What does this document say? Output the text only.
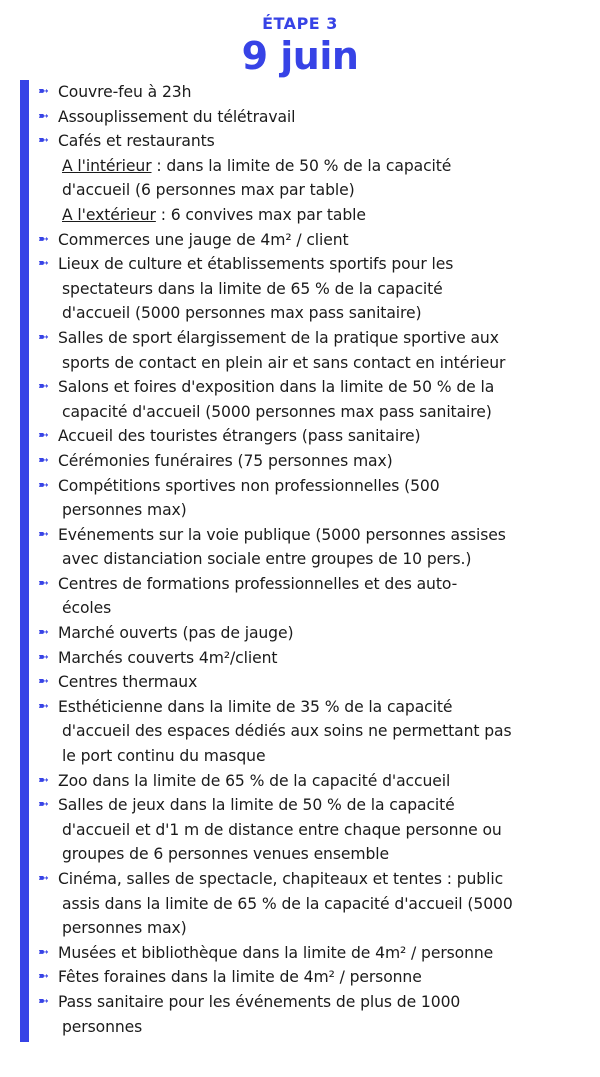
ÉTAPE 3
9 juin
➼ Couvre-feu à 23h
➼ Assouplissement du télétravail
➼ Cafés et restaurants
A l'intérieur : dans la limite de 50 % de la capacité
d'accueil (6 personnes max par table)
A l'extérieur : 6 convives max par table
➼ Commerces une jauge de 4m² / client
➼ Lieux de culture et établissements sportifs pour les
spectateurs dans la limite de 65 % de la capacité
d'accueil (5000 personnes max pass sanitaire)
➼ Salles de sport élargissement de la pratique sportive aux
sports de contact en plein air et sans contact en intérieur
➼ Salons et foires d'exposition dans la limite de 50 % de la
capacité d'accueil (5000 personnes max pass sanitaire)
➼ Accueil des touristes étrangers (pass sanitaire)
➼ Cérémonies funéraires (75 personnes max)
➼ Compétitions sportives non professionnelles (500
personnes max)
➼ Evénements sur la voie publique (5000 personnes assises
avec distanciation sociale entre groupes de 10 pers.)
➼ Centres de formations professionnelles et des auto-
écoles
➼ Marché ouverts (pas de jauge)
➼ Marchés couverts 4m²/client
➼ Centres thermaux
➼ Esthéticienne dans la limite de 35 % de la capacité
d'accueil des espaces dédiés aux soins ne permettant pas
le port continu du masque
➼ Zoo dans la limite de 65 % de la capacité d'accueil
➼ Salles de jeux dans la limite de 50 % de la capacité
d'accueil et d'1 m de distance entre chaque personne ou
groupes de 6 personnes venues ensemble
➼ Cinéma, salles de spectacle, chapiteaux et tentes : public
assis dans la limite de 65 % de la capacité d'accueil (5000
personnes max)
➼ Musées et bibliothèque dans la limite de 4m² / personne
➼ Fêtes foraines dans la limite de 4m² / personne
➼ Pass sanitaire pour les événements de plus de 1000
personnes
